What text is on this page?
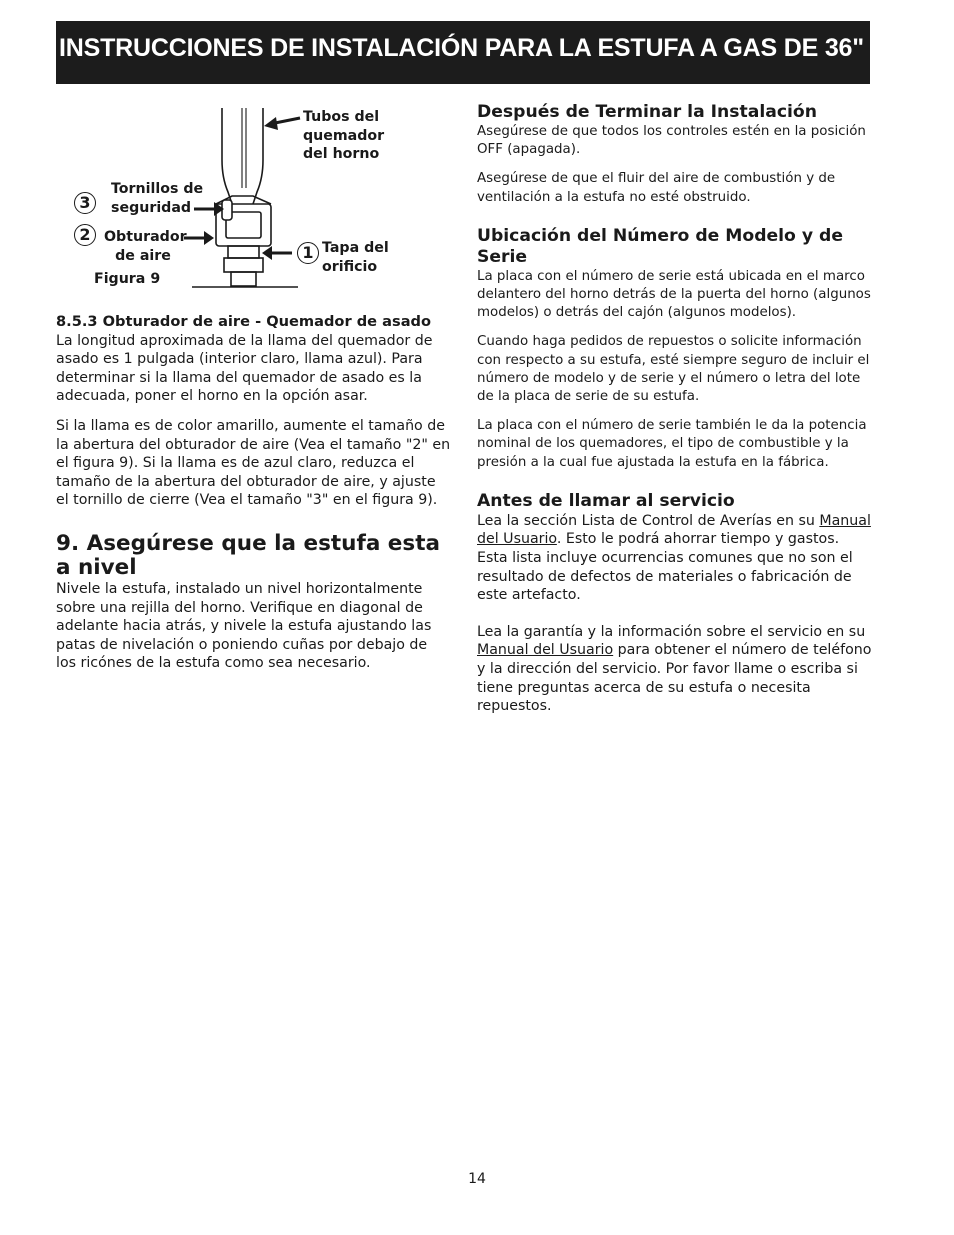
INSTRUCCIONES DE INSTALACIÓN PARA LA ESTUFA A GAS DE 36"
Tubos del quemador del horno
Tornillos de seguridad
Obturador de aire	Tapa del orificio
Figura 9
3
2
1

8.5.3 Obturador de aire - Quemador de asado

La longitud aproximada de la llama del quemador de asado es 1 pulgada (interior claro, llama azul). Para determinar si la llama del quemador de asado es la adecuada, poner el horno en la opción asar.

Si la llama es de color amarillo, aumente el tamaño de la abertura del obturador de aire (Vea el tamaño "2" en el figura 9). Si la llama es de azul claro, reduzca el tamaño de la abertura del obturador de aire, y ajuste el tornillo de cierre (Vea el tamaño "3" en el figura 9).

9. Asegúrese que la estufa esta a nivel

Nivele la estufa, instalado un nivel horizontalmente sobre una rejilla del horno. Verifique en diagonal de adelante hacia atrás, y nivele la estufa ajustando las patas de nivelación o poniendo cuñas por debajo de los ricónes de la estufa como sea necesario.

Después de Terminar la Instalación

Asegúrese de que todos los controles estén en la posición OFF (apagada).

Asegúrese de que el fluir del aire de combustión y de ventilación a la estufa no esté obstruido.

Ubicación del Número de Modelo y de Serie

La placa con el número de serie está ubicada en el marco delantero del horno detrás de la puerta del horno (algunos modelos) o detrás del cajón (algunos modelos).

Cuando haga pedidos de repuestos o solicite información con respecto a su estufa, esté siempre seguro de incluir el número de modelo y de serie y el número o letra del lote de la placa de serie de su estufa.

La placa con el número de serie también le da la potencia nominal de los quemadores, el tipo de combustible y la presión a la cual fue ajustada la estufa en la fábrica.

Antes de llamar al servicio

Lea la sección Lista de Control de Averías en su Manual del Usuario. Esto le podrá ahorrar tiempo y gastos. Esta lista incluye ocurrencias comunes que no son el resultado de defectos de materiales o fabricación de este artefacto.

Lea la garantía y la información sobre el servicio en su Manual del Usuario para obtener el número de teléfono y la dirección del servicio. Por favor llame o escriba si tiene preguntas acerca de su estufa o necesita repuestos.

14
